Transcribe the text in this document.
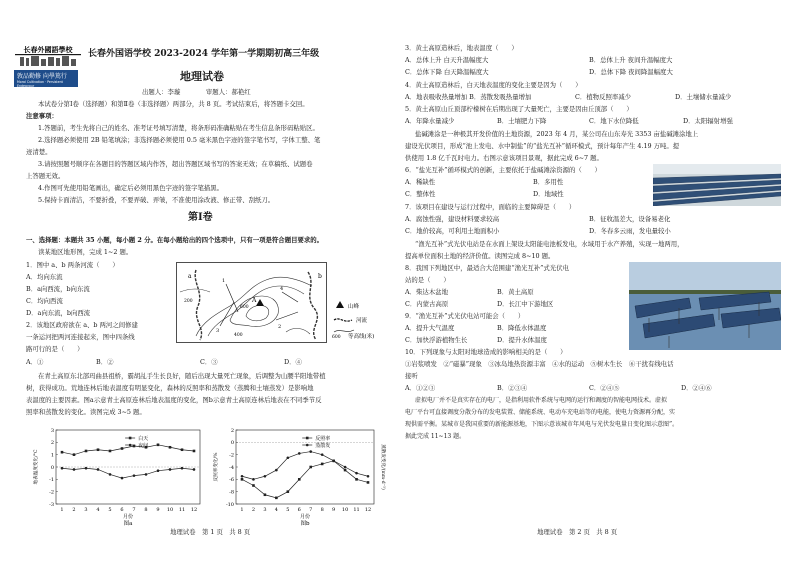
长春外國語學校
敦品勤修 向學篤行
Moral Cultivation · Persistent Endeavour
长春外国语学校 2023-2024 学年第一学期期初高三年级
地理试卷
出题人：李璇　　　　审题人：郝艳红
本试卷分第Ⅰ卷（选择题）和第Ⅱ卷（非选择题）两部分，共 8 页。考试结束后，将答题卡交回。
注意事项：
1.答题前，考生先将自己的姓名、准考证号填写清楚，将条形码准确粘贴在考生信息条形码粘贴区。
2.选择题必须使用 2B 铅笔填涂；非选择题必须使用 0.5 毫米黑色字迹的签字笔书写，字体工整、笔
迹清楚。
3.请按照题号顺序在各题目的答题区域内作答，超出答题区域书写的答案无效；在草稿纸、试题卷
上答题无效。
4.作图可先使用铅笔画出，确定后必须用黑色字迹的签字笔描黑。
5.保持卡面清洁，不要折叠，不要弄破、弄皱，不准使用涂改液、修正带、刮纸刀。
第Ⅰ卷
一、选择题：本题共 35 小题，每小题 2 分。在每小题给出的四个选项中，只有一项是符合题目要求的。
读某地区地形图，完成 1~2 题。
1．图中 a、b 两条河流（　　）
A．均向东流
B．a向西流，b向东流
C．均向西流
D．a向东流，b向西流
2．该地区政府欲在 a、b 两河之间修建
一条运河把两河连接起来，图中四条线
路可行的是（　　）
A．①	B．②	C．③	D．④
A
a	b
1
2
3
4
600
400
200
山峰
河流
600 等高线(米)
在青土高原东北部玛曲县祖桥，霸胡乩手生长良好，随后出现大量死亡现象，后调整为山腰半阳地带植
树，获得成功。荒地连林后地表温度有明显变化，森林的反照率和蒸散发（蒸腾和土壤蒸发）是影响地
表温度的主要因素。图a示意青土高原连林后地表温度的变化，图b示意青土高原连林后地表在不同季节反
照率和蒸散发的变化。读图完成 3~5 题。
-3
-2
-1
0
1
2
3
1 2 3 4 5 6 7 8 9 10 11 12
月份
图a
地表温度变化/°C
白天
夜间
-10
-8
-6
-4
-2
0
2
1 2 3 4 5 6 7 8 9 10 11 12
月份
图b
反照率变化/%	蒸散发变化/(mm·d⁻¹)
反照率
蒸散发
地理试卷　第 1 页　共 8 页
3．黄土高原造林后，地表温度（　　）
A．总体上升 白天升温幅度大	B．总体上升 夜间升温幅度大
C．总体下降 白天降温幅度大	D．总体下降 夜间降温幅度大
4．黄土高原造林后，白天地表温度的变化主要是因为（　　）
A．地表吸收热量增加 B．蒸散发吸热量增加	C．植物反照率减少	D．土壤储水量减少
5．黄土高原山丘顶部柠檬树在后期出现了大量死亡，主要是因由丘顶部（　　）
A．年降水量减少	B．土壤肥力下降	C．地下水位降低	D．太阳辐射增强
盐碱滩涂是一种极其开发价值的土地资源，2023 年 4 月，某公司在山东寿光 3353 亩盐碱滩涂地上
建设光伏项目，形成“池上发电、水中制盐”的“盐光互补”循环模式，预计每年产生 4.19 万吨。提
供使用 1.8 亿千瓦时电力。右图示意该项目景观，据此完成 6~7 题。
6．“盐光互补”循环模式的创新，主要依托于盐碱滩涂资源的（　　）
A．稀缺性	B．多用性
C．整体性	D．地域性
7．该项目在建设与运行过程中，面临的主要障碍是（　　）
A．腐蚀性强，建设材料要求较高	B．征收温差大，设备易老化
C．地价较高，可利用土地面积小	D．冬春多云雨，发电量较小
“渔光互补”式光伏电站是在水面上架设太阳能电池板发电，水域用于水产养殖，实现一地两用，
提高单位面积土地的经济价值。读图完成 8~10 题。
8．我国下列地区中，最适合大范围建“渔光互补”式光伏电
站的是（　　）
A．柴达木盆地	B．黄土高原
C．内蒙古高原	D．长江中下游地区
9．“渔光互补”式光伏电站可能会（　　）
A．提升大气温度	B．降低水体温度
C．加快浮游植物生长	D．提升水体温度
10．下列现象与太阳对地球造成的影响相关的是（　　）
①岩浆喷发　②“磁暴”现象　③冰岛地热资源丰富　④水的运动　⑤树木生长　⑥干扰有线电话
接听
A．①②③	B．②③④	C．②④⑤	D．②④⑥
虚拟电厂并不是真实存在的电厂，是指利用软件系统与电网的运行和调度的智能电网技术。虚拟
电厂平台可直接调度分散分布的发电装置、储能系统、电动车充电站等的电能，使电力资源再分配，实
现供需平衡。某城市是我国重要的新能源基地，下图示意该城市年风电与光伏发电量日变化图示意图”。
据此完成 11~13 题。
地理试卷　第 2 页　共 8 页
